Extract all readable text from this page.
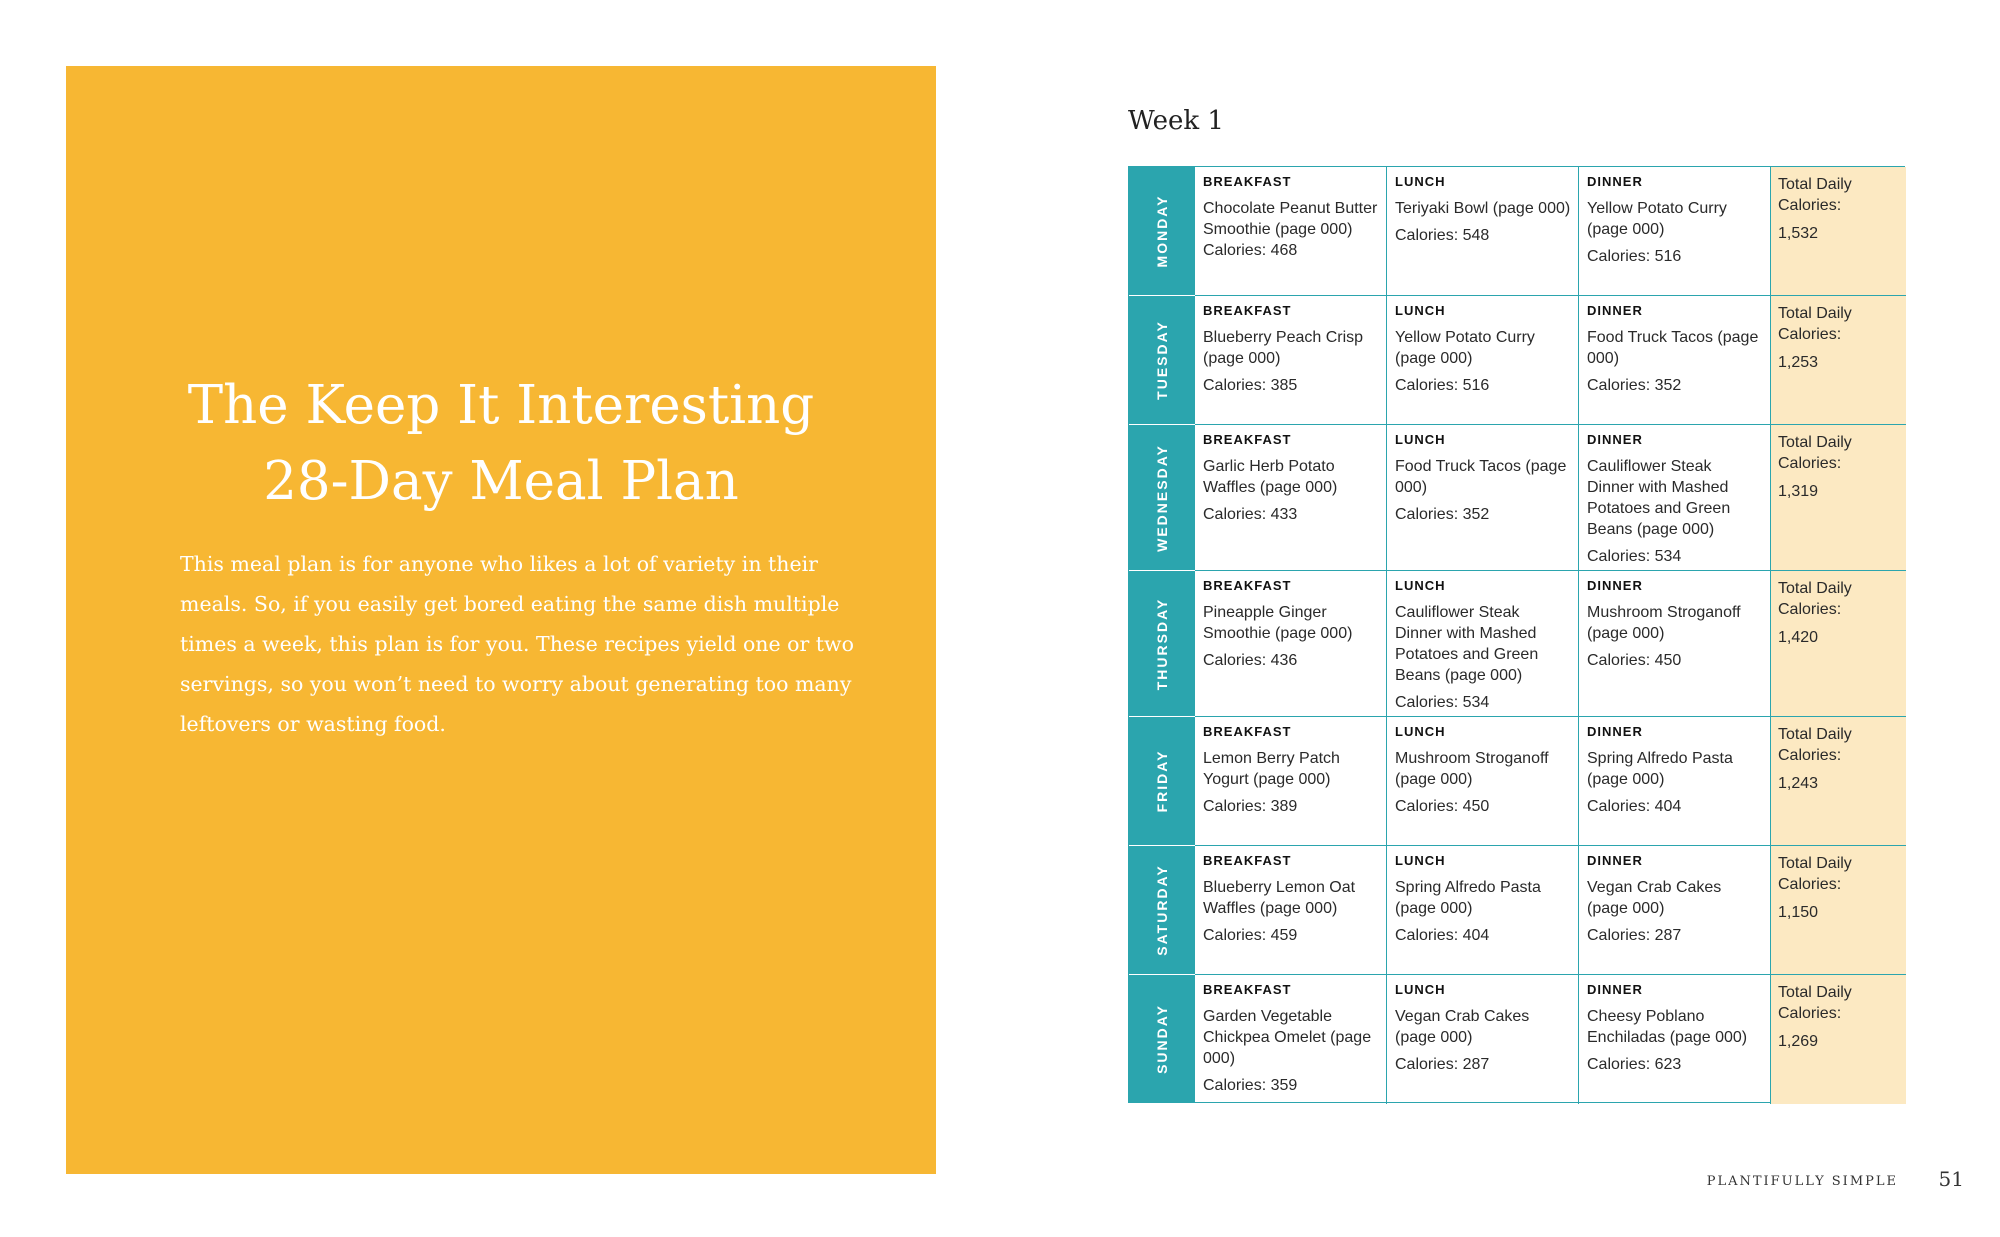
The Keep It Interesting
28-Day Meal Plan

This meal plan is for anyone who likes a lot of variety in their meals. So, if you easily get bored eating the same dish multiple times a week, this plan is for you. These recipes yield one or two servings, so you won’t need to worry about generating too many leftovers or wasting food.

Week 1
MONDAY
BREAKFAST
Chocolate Peanut Butter Smoothie (page 000) Calories: 468
LUNCH
Teriyaki Bowl (page 000)
Calories: 548
DINNER
Yellow Potato Curry (page 000)
Calories: 516
Total Daily Calories:
1,532
TUESDAY
BREAKFAST
Blueberry Peach Crisp (page 000)
Calories: 385
LUNCH
Yellow Potato Curry (page 000)
Calories: 516
DINNER
Food Truck Tacos (page 000)
Calories: 352
Total Daily Calories:
1,253
WEDNESDAY
BREAKFAST
Garlic Herb Potato Waffles (page 000)
Calories: 433
LUNCH
Food Truck Tacos (page 000)
Calories: 352
DINNER
Cauliflower Steak Dinner with Mashed Potatoes and Green Beans (page 000)
Calories: 534
Total Daily Calories:
1,319
THURSDAY
BREAKFAST
Pineapple Ginger Smoothie (page 000)
Calories: 436
LUNCH
Cauliflower Steak Dinner with Mashed Potatoes and Green Beans (page 000)
Calories: 534
DINNER
Mushroom Stroganoff (page 000)
Calories: 450
Total Daily Calories:
1,420
FRIDAY
BREAKFAST
Lemon Berry Patch Yogurt (page 000)
Calories: 389
LUNCH
Mushroom Stroganoff (page 000)
Calories: 450
DINNER
Spring Alfredo Pasta (page 000)
Calories: 404
Total Daily Calories:
1,243
SATURDAY
BREAKFAST
Blueberry Lemon Oat Waffles (page 000)
Calories: 459
LUNCH
Spring Alfredo Pasta (page 000)
Calories: 404
DINNER
Vegan Crab Cakes (page 000)
Calories: 287
Total Daily Calories:
1,150
SUNDAY
BREAKFAST
Garden Vegetable Chickpea Omelet (page 000)
Calories: 359
LUNCH
Vegan Crab Cakes (page 000)
Calories: 287
DINNER
Cheesy Poblano Enchiladas (page 000)
Calories: 623
Total Daily Calories:
1,269
PLANTIFULLY SIMPLE 51
